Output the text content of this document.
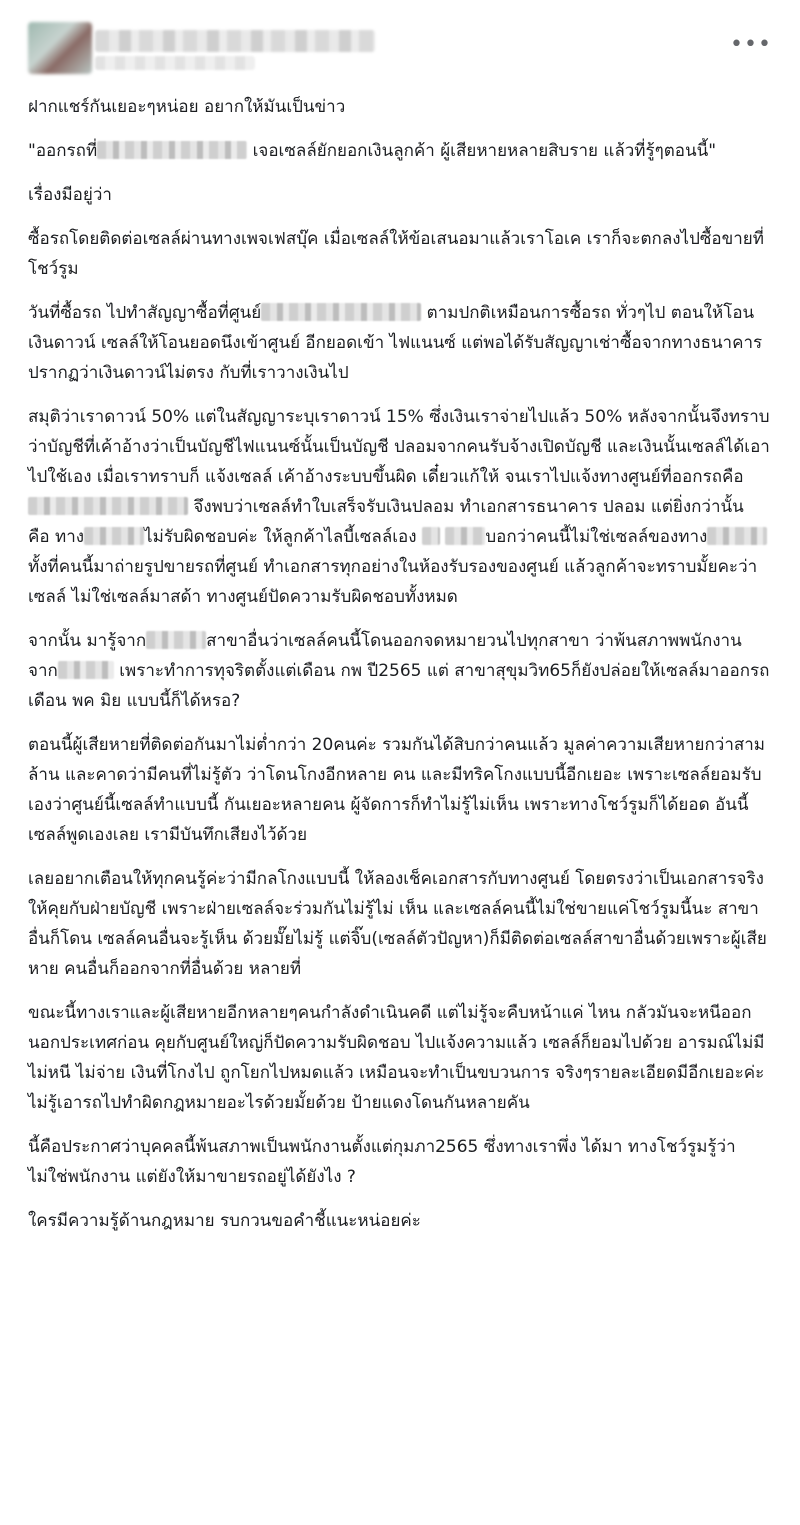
•••

ฝากแชร์กันเยอะๆหน่อย อยากให้มันเป็นข่าว

"ออกรถที่	เจอเซลล์ยักยอกเงินลูกค้า ผู้เสียหายหลายสิบราย แล้วที่รู้ๆตอนนี้"

เรื่องมีอยู่ว่า

ซื้อรถโดยติดต่อเซลล์ผ่านทางเพจเฟสบุ๊ค เมื่อเซลล์ให้ข้อเสนอมาแล้วเราโอเค เราก็จะตกลงไปซื้อขายที่โชว์รูม

วันที่ซื้อรถ ไปทำสัญญาซื้อที่ศูนย์	ตามปกติเหมือนการซื้อรถ ทั่วๆไป ตอนให้โอนเงินดาวน์ เซลล์ให้โอนยอดนึงเข้าศูนย์ อีกยอดเข้า ไฟแนนซ์ แต่พอได้รับสัญญาเช่าซื้อจากทางธนาคาร ปรากฏว่าเงินดาวน์ไม่ตรง กับที่เราวางเงินไป

สมุติว่าเราดาวน์ 50% แต่ในสัญญาระบุเราดาวน์ 15% ซึ่งเงินเราจ่ายไปแล้ว 50% หลังจากนั้นจึงทราบว่าบัญชีที่เค้าอ้างว่าเป็นบัญชีไฟแนนซ์นั้นเป็นบัญชี ปลอมจากคนรับจ้างเปิดบัญชี และเงินนั้นเซลล์ได้เอาไปใช้เอง เมื่อเราทราบก็ แจ้งเซลล์ เค้าอ้างระบบขึ้นผิด เดี๋ยวแก้ให้ จนเราไปแจ้งทางศูนย์ที่ออกรถคือ  จึงพบว่าเซลล์ทำใบเสร็จรับเงินปลอม ทำเอกสารธนาคาร ปลอม แต่ยิ่งกว่านั้น คือ ทาง	ไม่รับผิดชอบค่ะ ให้ลูกค้าไลบี้เซลล์เอง	บอกว่าคนนี้ไม่ใช่เซลล์ของทาง ทั้งที่คนนี้มาถ่ายรูปขายรถที่ศูนย์ ทำเอกสารทุกอย่างในห้องรับรองของศูนย์ แล้วลูกค้าจะทราบมั้ยคะว่าเซลล์ ไม่ใช่เซลล์มาสด้า ทางศูนย์ปัดความรับผิดชอบทั้งหมด

จากนั้น มารู้จาก	สาขาอื่นว่าเซลล์คนนี้โดนออกจดหมายวนไปทุกสาขา ว่าพ้นสภาพพนักงานจาก	เพราะทำการทุจริตตั้งแต่เดือน กพ ปี2565 แต่ สาขาสุขุมวิท65ก็ยังปล่อยให้เซลล์มาออกรถเดือน พค มิย แบบนี้ก็ได้หรอ?

ตอนนี้ผู้เสียหายที่ติดต่อกันมาไม่ต่ำกว่า 20คนค่ะ รวมกันได้สิบกว่าคนแล้ว มูลค่าความเสียหายกว่าสามล้าน และคาดว่ามีคนที่ไม่รู้ตัว ว่าโดนโกงอีกหลาย คน และมีทริคโกงแบบนี้อีกเยอะ เพราะเซลล์ยอมรับเองว่าศูนย์นี้เซลล์ทำแบบนี้ กันเยอะหลายคน ผู้จัดการก็ทำไม่รู้ไม่เห็น เพราะทางโชว์รูมก็ได้ยอด อันนี้ เซลล์พูดเองเลย เรามีบันทึกเสียงไว้ด้วย

เลยอยากเตือนให้ทุกคนรู้ค่ะว่ามีกลโกงแบบนี้ ให้ลองเช็คเอกสารกับทางศูนย์ โดยตรงว่าเป็นเอกสารจริง ให้คุยกับฝ่ายบัญชี เพราะฝ่ายเซลล์จะร่วมกันไม่รู้ไม่ เห็น และเซลล์คนนี้ไม่ใช่ขายแค่โชว์รูมนี้นะ สาขาอื่นก็โดน เซลล์คนอื่นจะรู้เห็น ด้วยมั๊ยไม่รู้ แต่จิ๊บ(เซลล์ตัวปัญหา)ก็มีติดต่อเซลล์สาขาอื่นด้วยเพราะผู้เสียหาย คนอื่นก็ออกจากที่อื่นด้วย หลายที่

ขณะนี้ทางเราและผู้เสียหายอีกหลายๆคนกำลังดำเนินคดี แต่ไม่รู้จะคืบหน้าแค่ ไหน กลัวมันจะหนีออกนอกประเทศก่อน คุยกับศูนย์ใหญ่ก็ปัดความรับผิดชอบ ไปแจ้งความแล้ว เซลล์ก็ยอมไปด้วย อารมณ์ไม่มี ไม่หนี ไม่จ่าย เงินที่โกงไป ถูกโยกไปหมดแล้ว เหมือนจะทำเป็นขบวนการ จริงๆรายละเอียดมีอีกเยอะค่ะ ไม่รู้เอารถไปทำผิดกฎหมายอะไรด้วยมั้ยด้วย ป้ายแดงโดนกันหลายคัน

นี้คือประกาศว่าบุคคลนี้พ้นสภาพเป็นพนักงานตั้งแต่กุมภา2565 ซึ่งทางเราพึ่ง ได้มา ทางโชว์รูมรู้ว่าไม่ใช่พนักงาน แต่ยังให้มาขายรถอยู่ได้ยังไง ?

ใครมีความรู้ด้านกฎหมาย รบกวนขอคำชี้แนะหน่อยค่ะ
